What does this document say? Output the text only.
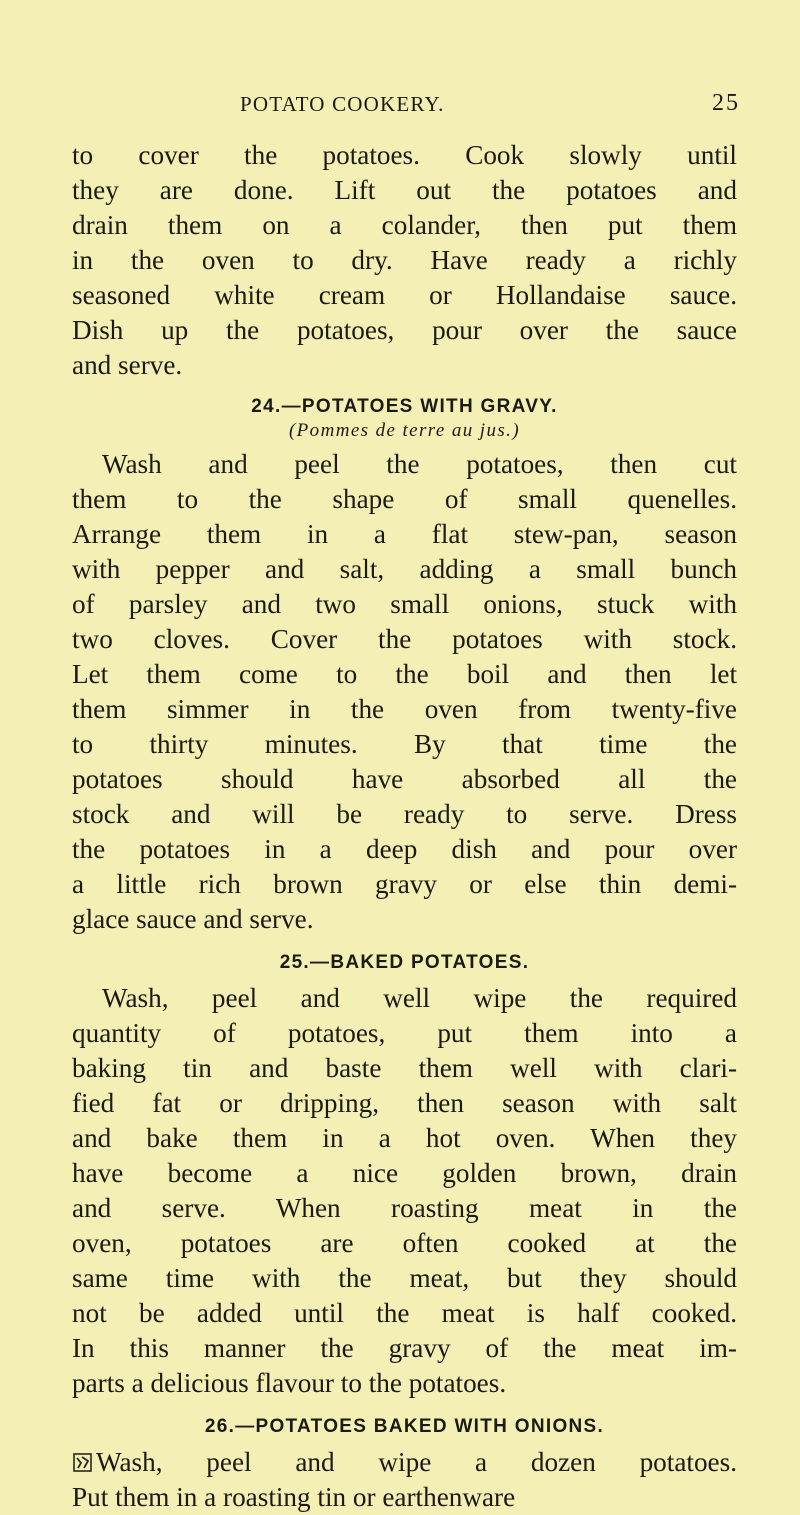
POTATO COOKERY.	25

to cover the potatoes. Cook slowly until
they are done. Lift out the potatoes and
drain them on a colander, then put them
in the oven to dry. Have ready a richly
seasoned white cream or Hollandaise sauce.
Dish up the potatoes, pour over the sauce
and serve.

24.—POTATOES WITH GRAVY.

(Pommes de terre au jus.)

Wash and peel the potatoes, then cut
them to the shape of small quenelles.
Arrange them in a flat stew-pan, season
with pepper and salt, adding a small bunch
of parsley and two small onions, stuck with
two cloves. Cover the potatoes with stock.
Let them come to the boil and then let
them simmer in the oven from twenty-five
to thirty minutes. By that time the
potatoes should have absorbed all the
stock and will be ready to serve. Dress
the potatoes in a deep dish and pour over
a little rich brown gravy or else thin demi-
glace sauce and serve.

25.—BAKED POTATOES.

Wash, peel and well wipe the required
quantity of potatoes, put them into a
baking tin and baste them well with clari-
fied fat or dripping, then season with salt
and bake them in a hot oven. When they
have become a nice golden brown, drain
and serve. When roasting meat in the
oven, potatoes are often cooked at the
same time with the meat, but they should
not be added until the meat is half cooked.
In this manner the gravy of the meat im-
parts a delicious flavour to the potatoes.

26.—POTATOES BAKED WITH ONIONS.

Wash, peel and wipe a dozen potatoes.
Put them in a roasting tin or earthenware
